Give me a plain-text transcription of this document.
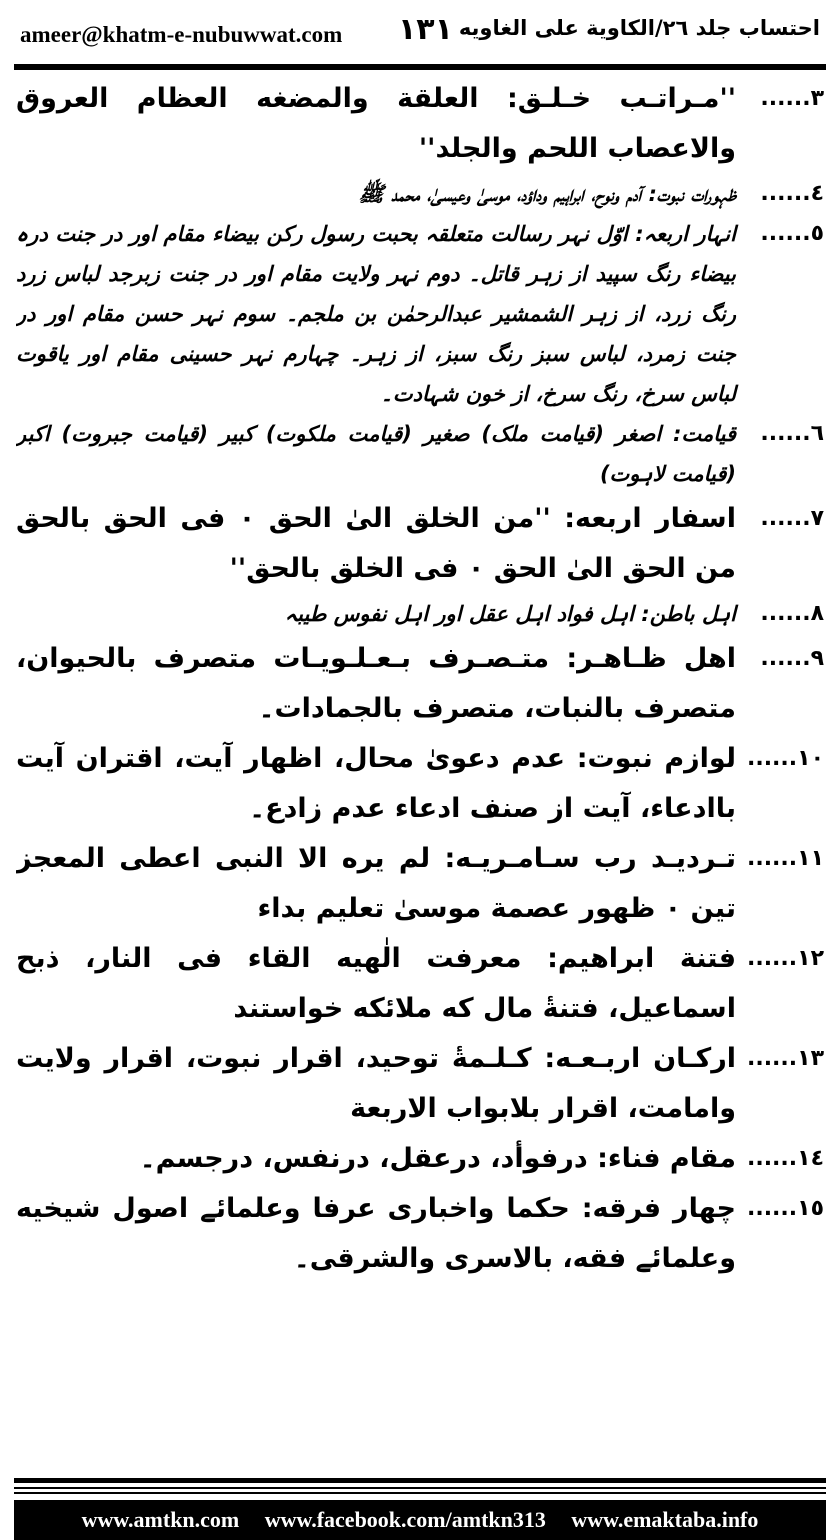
ameer@khatm-e-nubuwwat.com ١٣١ احتساب جلد ٢٦/الکاویة علی الغاویه
٣......
''مـراتـب خـلـق: العلقة والمضغه العظام العروق والاعصاب اللحم والجلد''
٤......
ظہورات نبوت: آدم ونوح، ابراہیم وداؤد، موسیٰ وعیسیٰ، محمد ﷺ
٥......
انہار اربعہ: اوّل نہر رسالت متعلقہ بحبت رسول رکن بیضاء مقام اور در جنت درہ بیضاء رنگ سپید از زہر قاتل۔ دوم نہر ولایت مقام اور در جنت زبرجد لباس زرد رنگ زرد، از زہر الشمشیر عبدالرحمٰن بن ملجم۔ سوم نہر حسن مقام اور در جنت زمرد، لباس سبز رنگ سبز، از زہر۔ چہارم نہر حسینی مقام اور یاقوت لباس سرخ، رنگ سرخ، از خون شہادت۔
٦......
قیامت: اصغر (قیامت ملک) صغیر (قیامت ملکوت) کبیر (قیامت جبروت) اکبر (قیامت لاہوت)
٧......
اسفار اربعه: ''من الخلق الیٰ الحق ۰ فی الحق بالحق من الحق الیٰ الحق ۰ فی الخلق بالحق''
٨......
اہل باطن: اہل فواد اہل عقل اور اہل نفوس طیبہ
٩......
اهل ظـاهـر: متـصـرف بـعـلـويـات متصرف بالحيوان، متصرف بالنبات، متصرف بالجمادات۔
١٠......
لوازم نبوت: عدم دعویٰ محال، اظهار آيت، اقتران آيت باادعاء، آيت از صنف ادعاء عدم زادع۔
١١......
تـرديـد رب سـامـريـه: لم يره الا النبی اعطی المعجز تين ۰ ظهور عصمة موسیٰ تعليم بداء
١٢......
فتنة ابراهيم: معرفت الٰهيه القاء فی النار، ذبح اسماعيل، فتنةٔ مال كه ملائكه خواستند
١٣......
اركـان اربـعـه: كـلـمةٔ توحيد، اقرار نبوت، اقرار ولايت وامامت، اقرار بلابواب الاربعة
١٤......
مقام فناء: درفوأد، درعقل، درنفس، درجسم۔
١٥......
چهار فرقه: حكما واخباری عرفا وعلمائے اصول شيخيه وعلمائے فقه، بالاسری والشرقی۔
www.amtkn.com www.facebook.com/amtkn313 www.emaktaba.info
